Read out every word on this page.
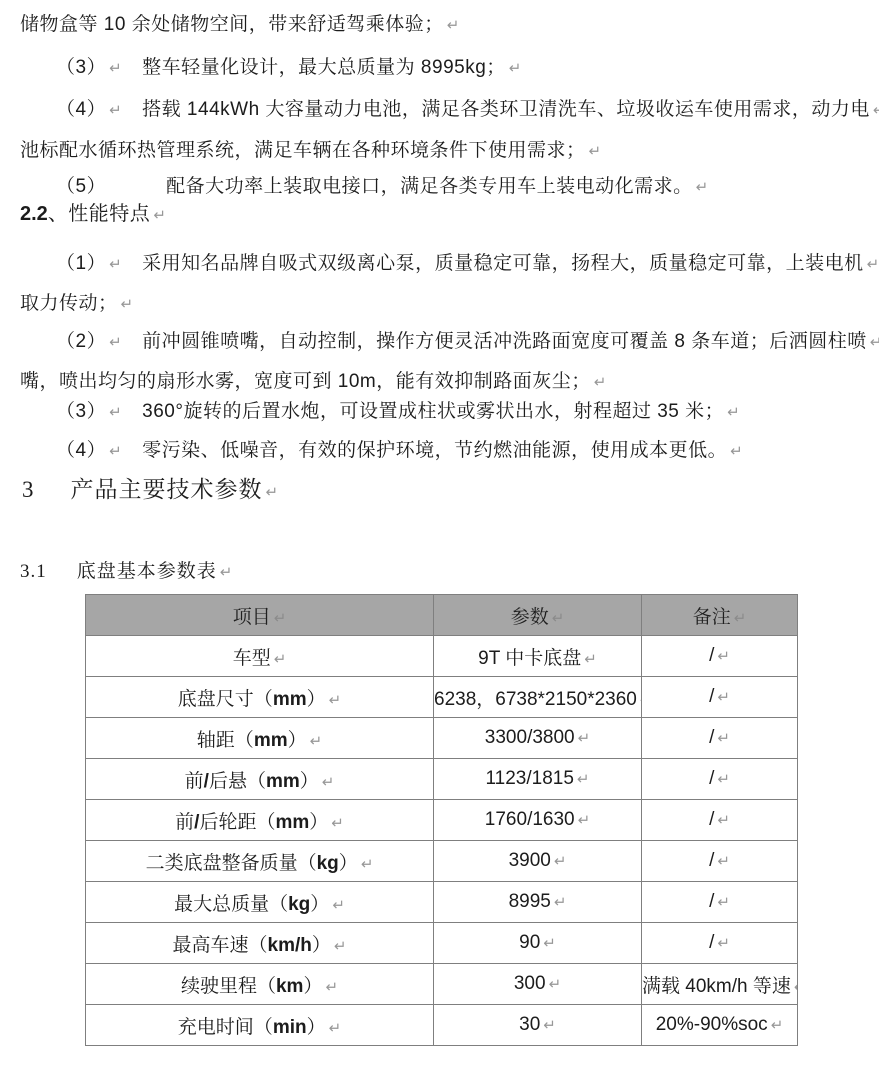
储物盒等 10 余处储物空间，带来舒适驾乘体验；↵
（3） ↵ 整车轻量化设计，最大总质量为 8995kg；↵
（4） ↵ 搭载 144kWh 大容量动力电池，满足各类环卫清洗车、垃圾收运车使用需求，动力电↵
池标配水循环热管理系统，满足车辆在各种环境条件下使用需求；↵
（5）	配备大功率上装取电接口，满足各类专用车上装电动化需求。↵
2.2、性能特点↵
（1） ↵ 采用知名品牌自吸式双级离心泵，质量稳定可靠，扬程大，质量稳定可靠，上装电机↵
取力传动；↵
（2） ↵ 前冲圆锥喷嘴，自动控制，操作方便灵活冲洗路面宽度可覆盖 8 条车道；后洒圆柱喷↵
嘴，喷出均匀的扇形水雾，宽度可到 10m，能有效抑制路面灰尘；↵
（3） ↵ 360°旋转的后置水炮，可设置成柱状或雾状出水，射程超过 35 米；↵
（4） ↵ 零污染、低噪音，有效的保护环境，节约燃油能源，使用成本更低。↵
3 产品主要技术参数↵
3.1 底盘基本参数表↵
项目↵	参数↵	备注↵
车型↵	9T 中卡底盘↵	/↵
底盘尺寸（mm）↵	6238，6738*2150*2360↵	/↵
轴距（mm）↵	3300/3800↵	/↵
前/后悬（mm）↵	1123/1815↵	/↵
前/后轮距（mm）↵	1760/1630↵	/↵
二类底盘整备质量（kg）↵	3900↵	/↵
最大总质量（kg）↵	8995↵	/↵
最高车速（km/h）↵	90↵	/↵
续驶里程（km）↵	300↵	满载 40km/h 等速↵
充电时间（min）↵	30↵	20%-90%soc↵
